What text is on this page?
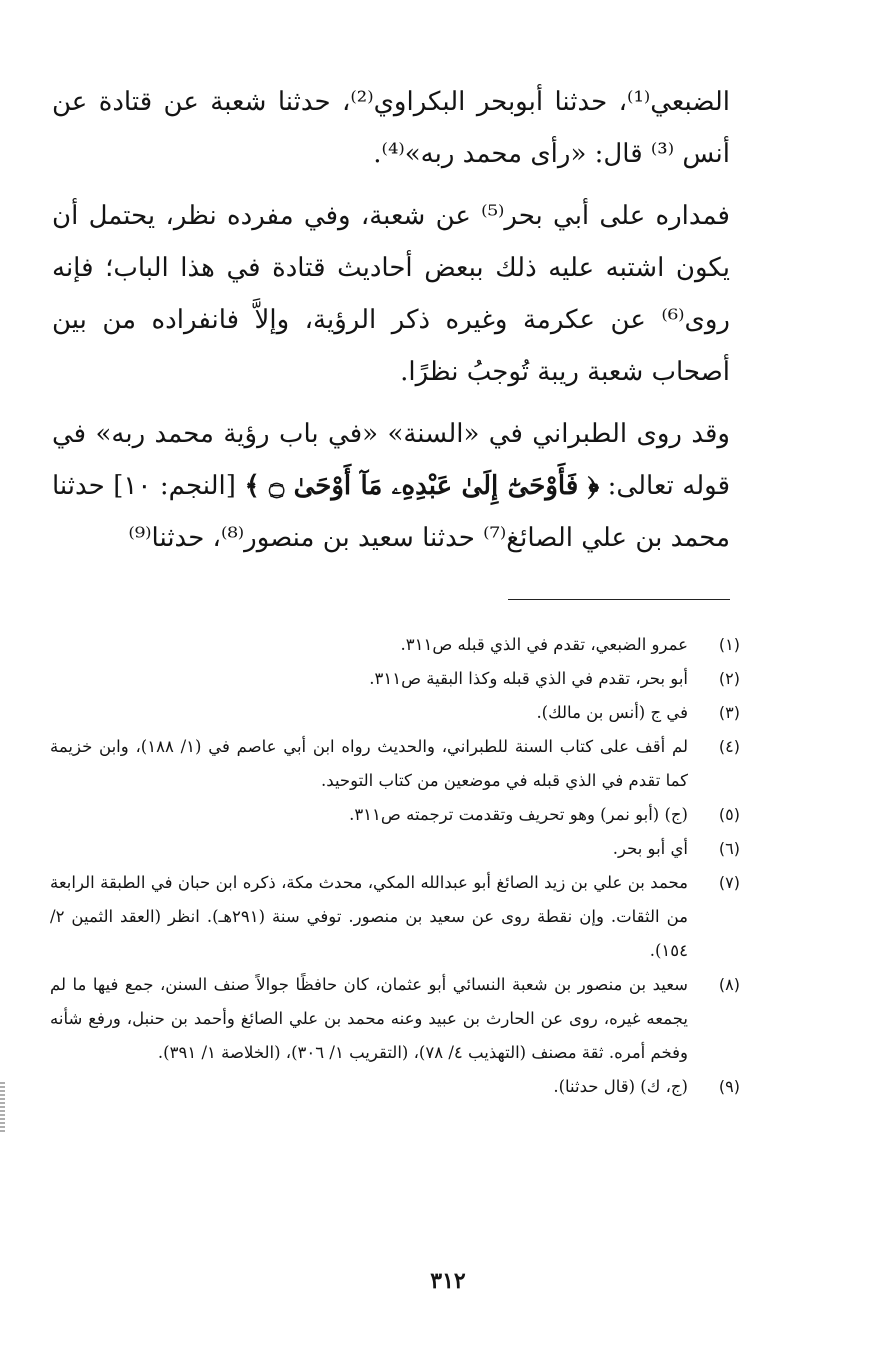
الضبعي⁽¹⁾، حدثنا أبوبحر البكراوي⁽²⁾، حدثنا شعبة عن قتادة عن أنس ⁽³⁾ قال: «رأى محمد ربه»⁽⁴⁾.

فمداره على أبي بحر⁽⁵⁾ عن شعبة، وفي مفرده نظر، يحتمل أن يكون اشتبه عليه ذلك ببعض أحاديث قتادة في هذا الباب؛ فإنه روى⁽⁶⁾ عن عكرمة وغيره ذكر الرؤية، وإلاَّ فانفراده من بين أصحاب شعبة ريبة تُوجبُ نظرًا.

وقد روى الطبراني في «السنة» «في باب رؤية محمد ربه» في قوله تعالى: ﴿ فَأَوْحَىٰٓ إِلَىٰ عَبْدِهِۦ مَآ أَوْحَىٰ ۝ ﴾ [النجم: ١٠] حدثنا محمد بن علي الصائغ⁽⁷⁾ حدثنا سعيد بن منصور⁽⁸⁾، حدثنا⁽⁹⁾

(١)
عمرو الضبعي، تقدم في الذي قبله ص٣١١.
(٢)
أبو بحر، تقدم في الذي قبله وكذا البقية ص٣١١.
(٣)
في ج (أنس بن مالك).
(٤)
لم أقف على كتاب السنة للطبراني، والحديث رواه ابن أبي عاصم في (١/ ١٨٨)، وابن خزيمة كما تقدم في الذي قبله في موضعين من كتاب التوحيد.
(٥)
(ج) (أبو نمر) وهو تحريف وتقدمت ترجمته ص٣١١.
(٦)
أي أبو بحر.
(٧)
محمد بن علي بن زيد الصائغ أبو عبدالله المكي، محدث مكة، ذكره ابن حبان في الطبقة الرابعة من الثقات. وإن نقطة روى عن سعيد بن منصور. توفي سنة (٢٩١هـ). انظر (العقد الثمين ٢/ ١٥٤).
(٨)
سعيد بن منصور بن شعبة النسائي أبو عثمان، كان حافظًا جوالاً صنف السنن، جمع فيها ما لم يجمعه غيره، روى عن الحارث بن عبيد وعنه محمد بن علي الصائغ وأحمد بن حنبل، ورفع شأنه وفخم أمره. ثقة مصنف (التهذيب ٤/ ٧٨)، (التقريب ١/ ٣٠٦)، (الخلاصة ١/ ٣٩١).
(٩)
(ج، ك) (قال حدثنا).
٣١٢
